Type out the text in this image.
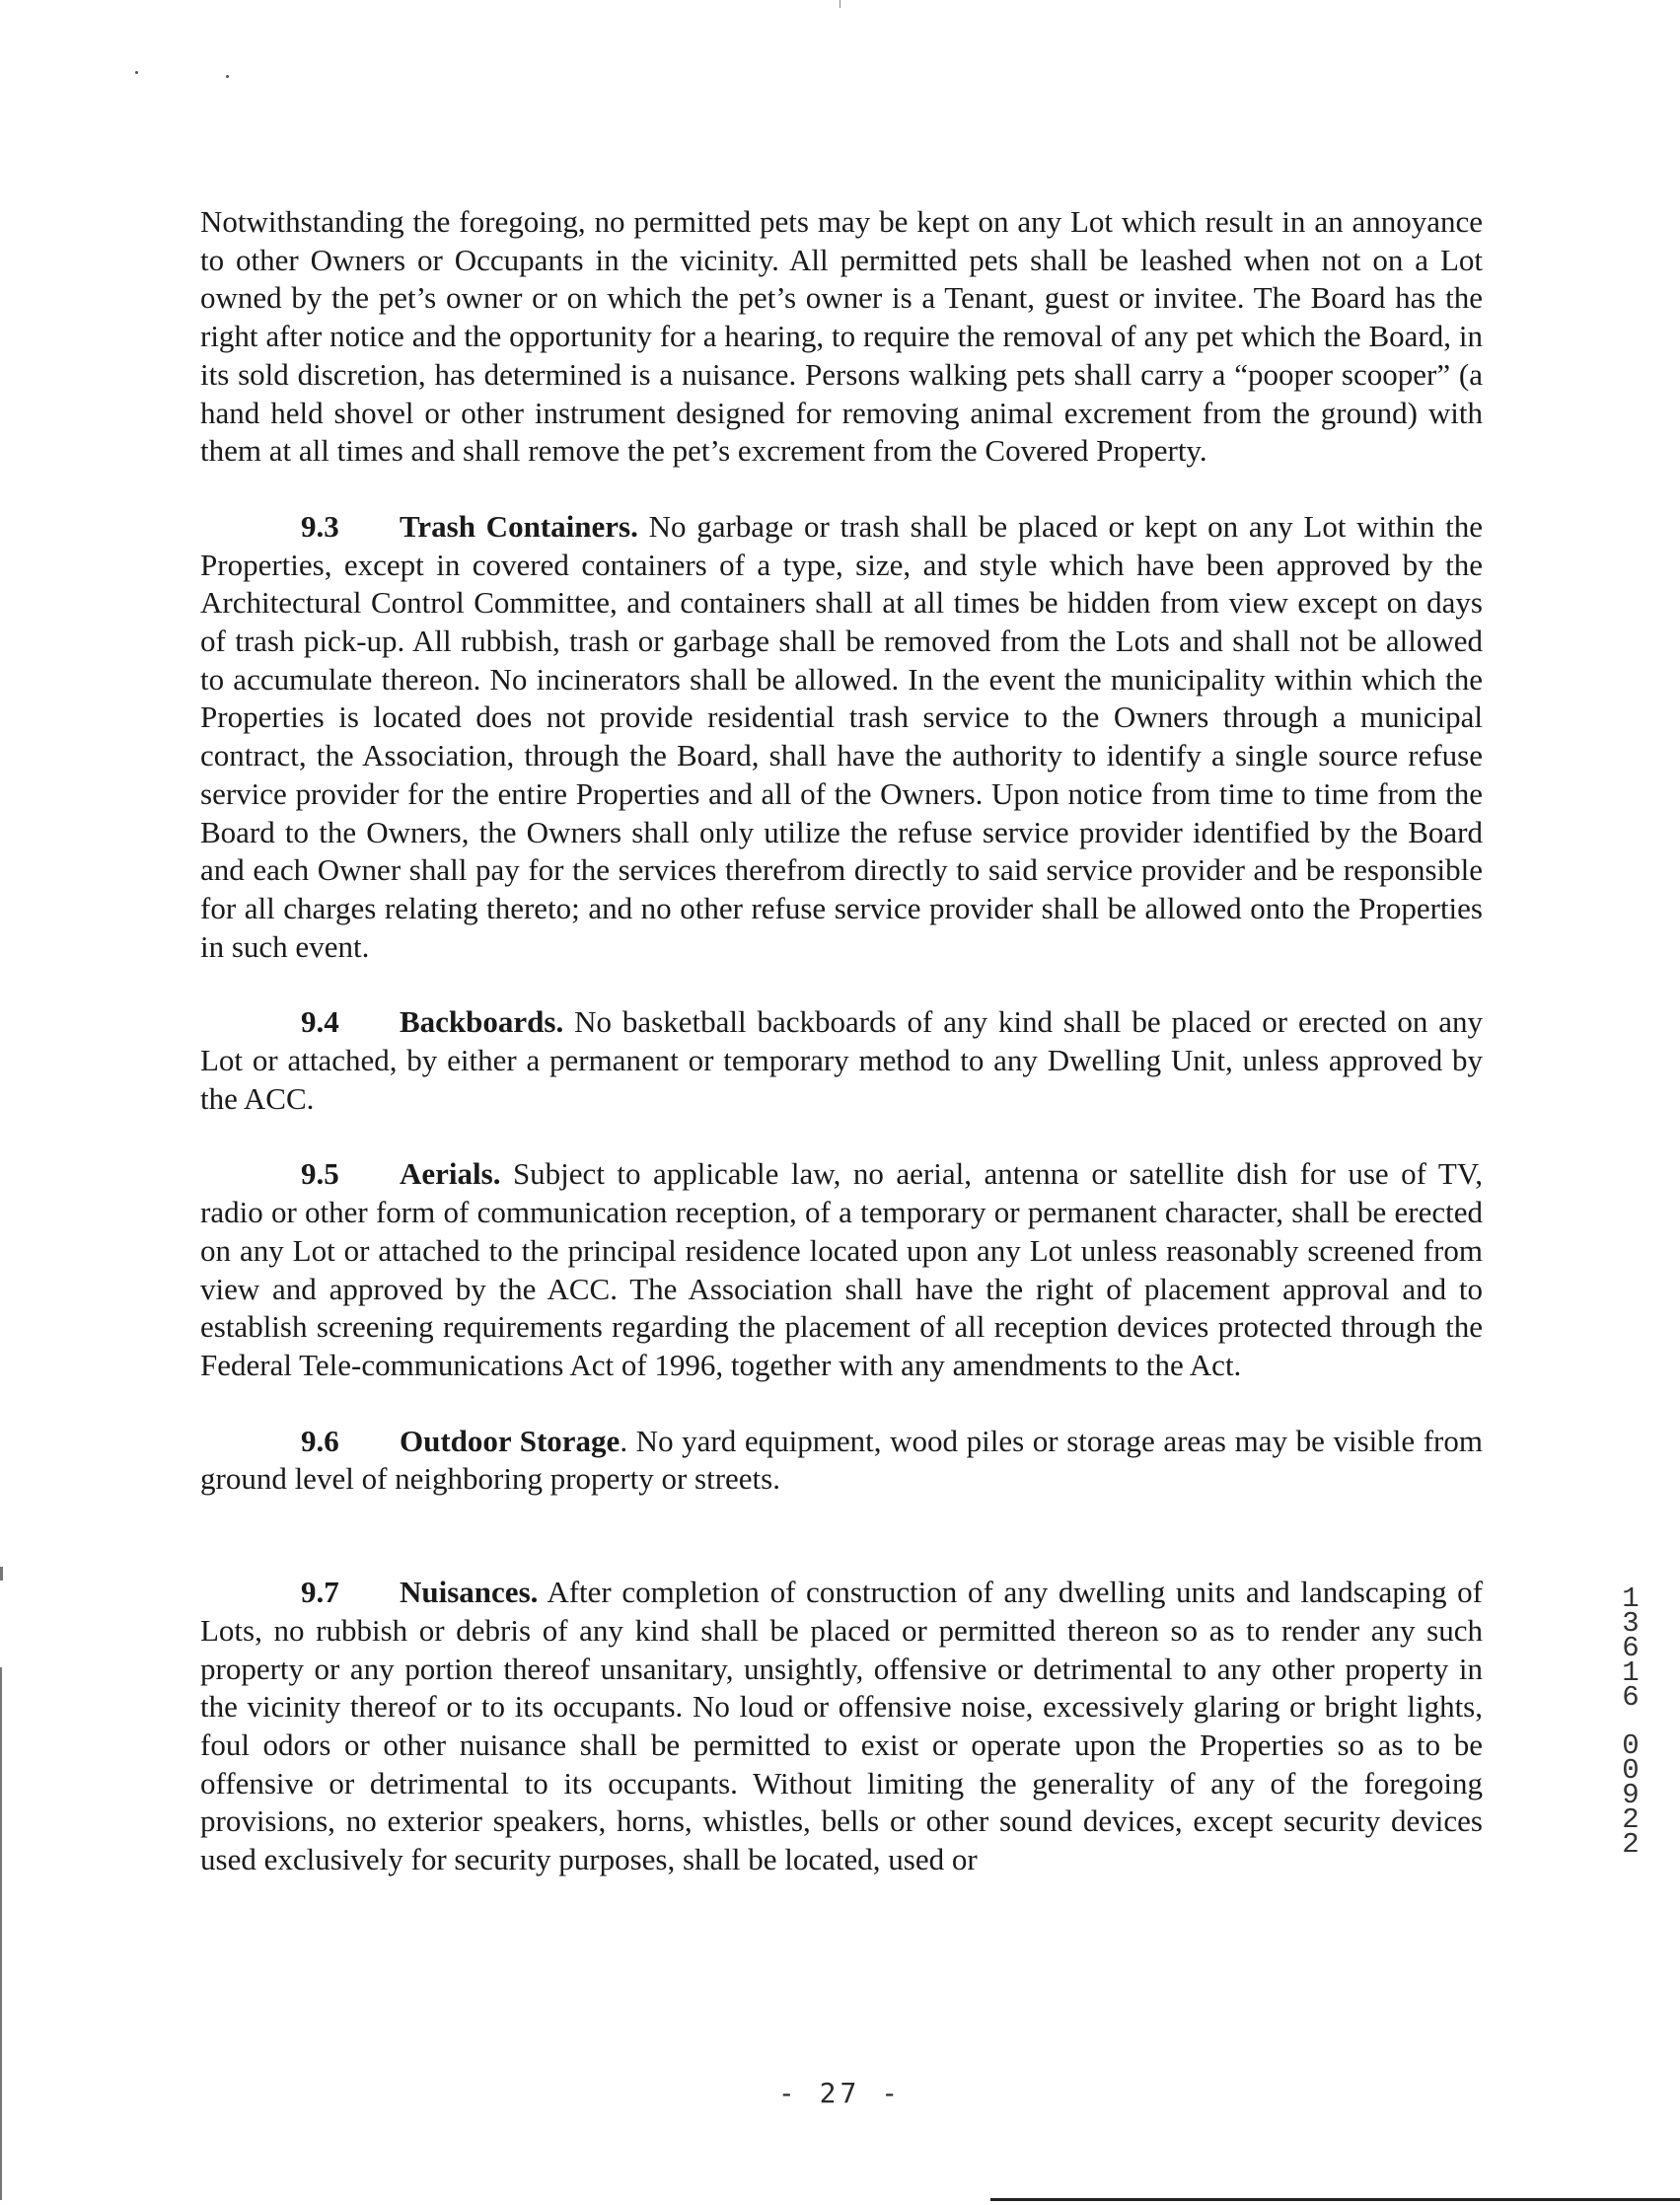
Notwithstanding the foregoing, no permitted pets may be kept on any Lot which result in an annoyance to other Owners or Occupants in the vicinity. All permitted pets shall be leashed when not on a Lot owned by the pet’s owner or on which the pet’s owner is a Tenant, guest or invitee. The Board has the right after notice and the opportunity for a hearing, to require the removal of any pet which the Board, in its sold discretion, has determined is a nuisance. Persons walking pets shall carry a “pooper scooper” (a hand held shovel or other instrument designed for removing animal excrement from the ground) with them at all times and shall remove the pet’s excrement from the Covered Property.

9.3 Trash Containers. No garbage or trash shall be placed or kept on any Lot within the Properties, except in covered containers of a type, size, and style which have been approved by the Architectural Control Committee, and containers shall at all times be hidden from view except on days of trash pick-up. All rubbish, trash or garbage shall be removed from the Lots and shall not be allowed to accumulate thereon. No incinerators shall be allowed. In the event the municipality within which the Properties is located does not provide residential trash service to the Owners through a municipal contract, the Association, through the Board, shall have the authority to identify a single source refuse service provider for the entire Properties and all of the Owners. Upon notice from time to time from the Board to the Owners, the Owners shall only utilize the refuse service provider identified by the Board and each Owner shall pay for the services therefrom directly to said service provider and be responsible for all charges relating thereto; and no other refuse service provider shall be allowed onto the Properties in such event.

9.4 Backboards. No basketball backboards of any kind shall be placed or erected on any Lot or attached, by either a permanent or temporary method to any Dwelling Unit, unless approved by the ACC.

9.5 Aerials. Subject to applicable law, no aerial, antenna or satellite dish for use of TV, radio or other form of communication reception, of a temporary or permanent character, shall be erected on any Lot or attached to the principal residence located upon any Lot unless reasonably screened from view and approved by the ACC. The Association shall have the right of placement approval and to establish screening requirements regarding the placement of all reception devices protected through the Federal Tele-communications Act of 1996, together with any amendments to the Act.

9.6 Outdoor Storage. No yard equipment, wood piles or storage areas may be visible from ground level of neighboring property or streets.

9.7 Nuisances. After completion of construction of any dwelling units and landscaping of Lots, no rubbish or debris of any kind shall be placed or permitted thereon so as to render any such property or any portion thereof unsanitary, unsightly, offensive or detrimental to any other property in the vicinity thereof or to its occupants. No loud or offensive noise, excessively glaring or bright lights, foul odors or other nuisance shall be permitted to exist or operate upon the Properties so as to be offensive or detrimental to its occupants. Without limiting the generality of any of the foregoing provisions, no exterior speakers, horns, whistles, bells or other sound devices, except security devices used exclusively for security purposes, shall be located, used or

1
3
6
1
6
0
0
9
2
2
- 27 -
